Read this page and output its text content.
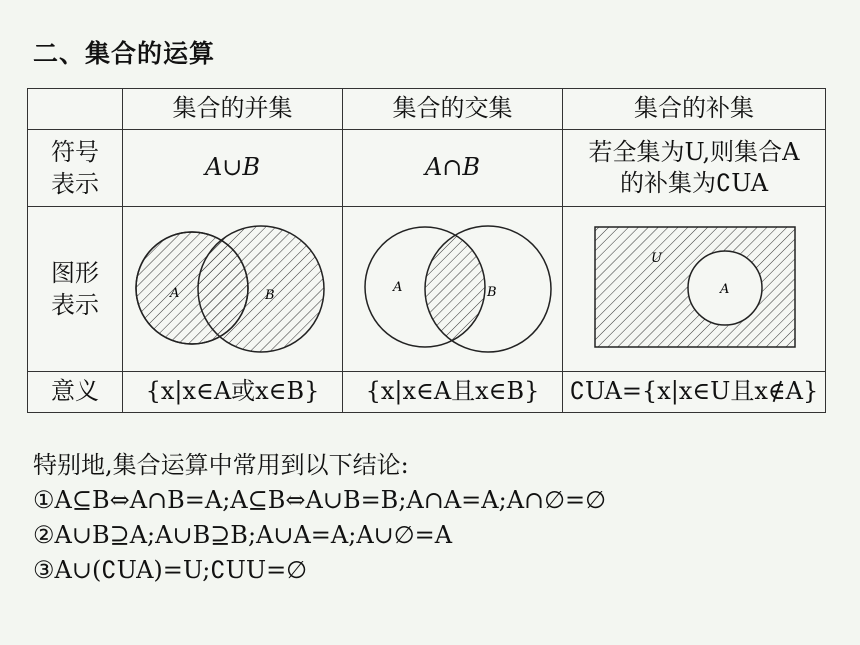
二、集合的运算
	集合的并集	集合的交集	集合的补集
符号表示	A∪B	A∩B	若全集为U,则集合A
的补集为∁UA

图形表示	A B	A B	U
A

意义	{x|x∈A或x∈B}	{x|x∈A且x∈B}	∁UA={x|x∈U且x∉A}
特别地,集合运算中常用到以下结论:
①A⊆B⇔A∩B=A;A⊆B⇔A∪B=B;A∩A=A;A∩∅=∅
②A∪B⊇A;A∪B⊇B;A∪A=A;A∪∅=A
③A∪(∁UA)=U;∁UU=∅
